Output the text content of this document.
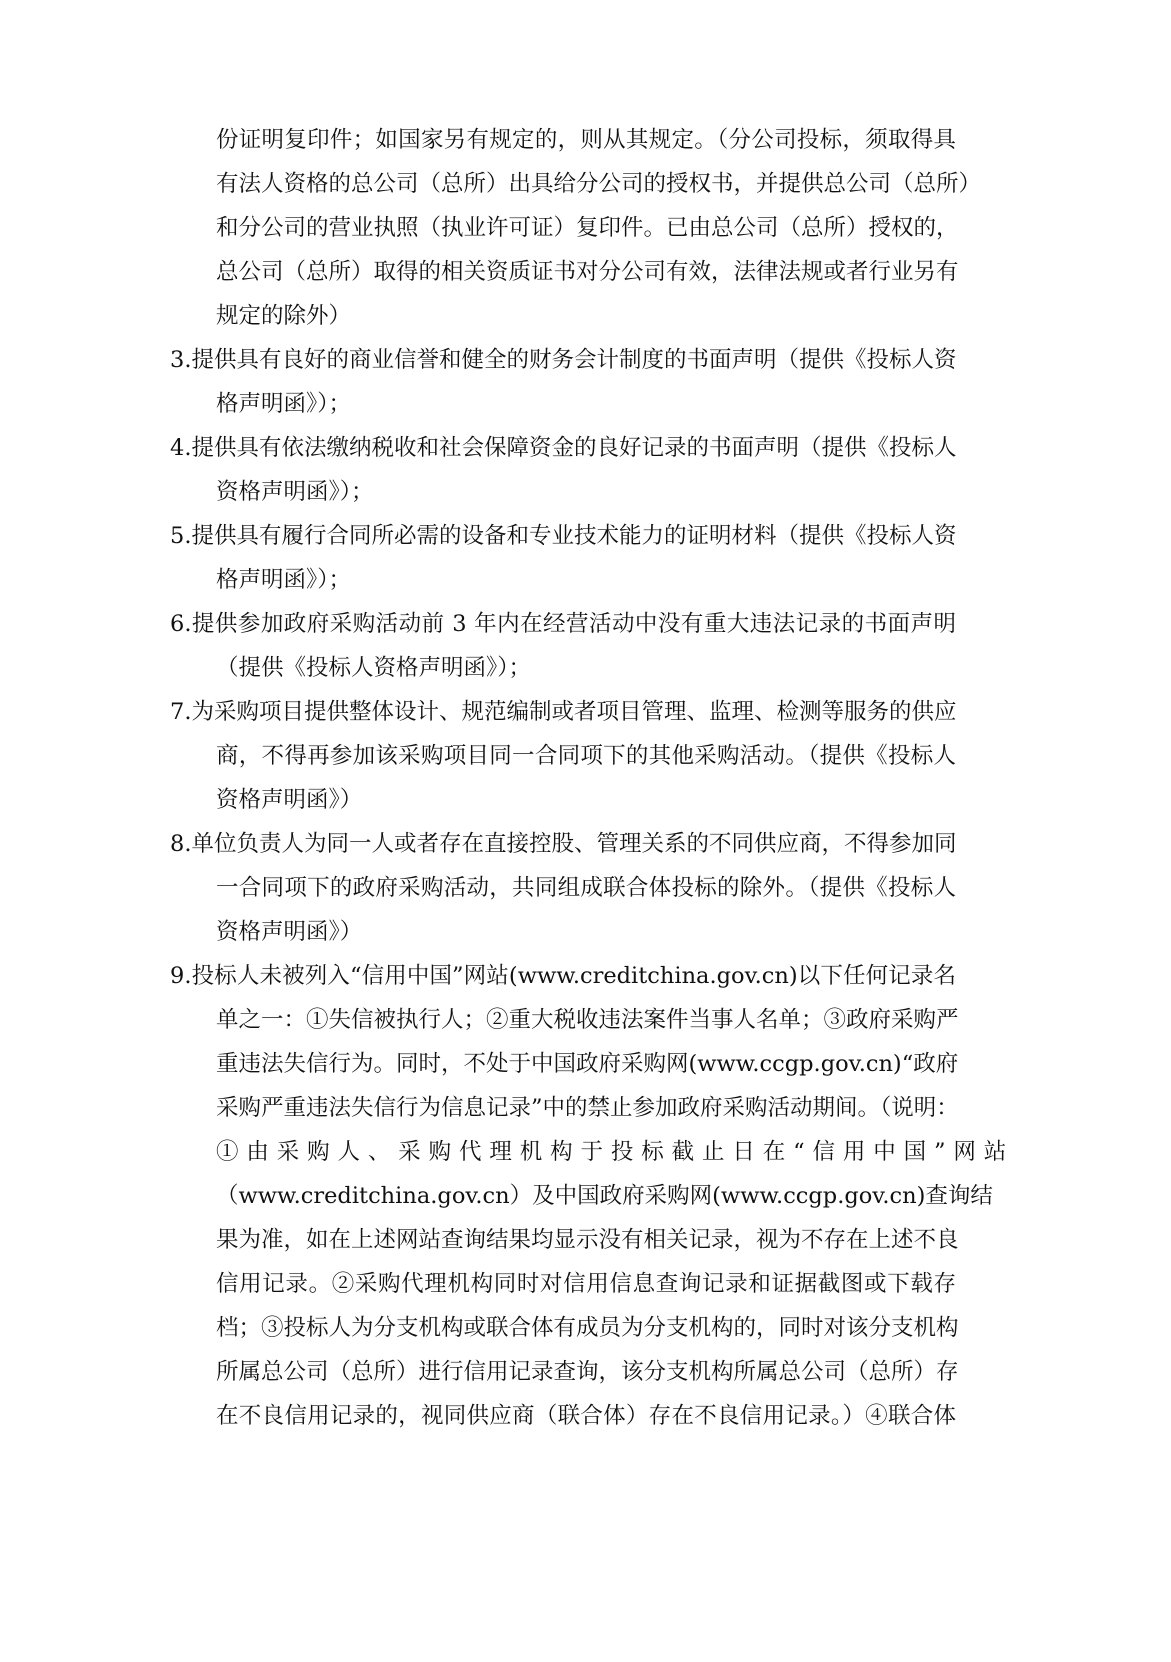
份证明复印件；如国家另有规定的，则从其规定。（分公司投标，须取得具
有法人资格的总公司（总所）出具给分公司的授权书，并提供总公司（总所）
和分公司的营业执照（执业许可证）复印件。已由总公司（总所）授权的，
总公司（总所）取得的相关资质证书对分公司有效，法律法规或者行业另有
规定的除外）
3.提供具有良好的商业信誉和健全的财务会计制度的书面声明（提供《投标人资
格声明函》）；
4.提供具有依法缴纳税收和社会保障资金的良好记录的书面声明（提供《投标人
资格声明函》）；
5.提供具有履行合同所必需的设备和专业技术能力的证明材料（提供《投标人资
格声明函》）；
6.提供参加政府采购活动前 3 年内在经营活动中没有重大违法记录的书面声明
（提供《投标人资格声明函》）；
7.为采购项目提供整体设计、规范编制或者项目管理、监理、检测等服务的供应
商，不得再参加该采购项目同一合同项下的其他采购活动。（提供《投标人
资格声明函》）
8.单位负责人为同一人或者存在直接控股、管理关系的不同供应商，不得参加同
一合同项下的政府采购活动，共同组成联合体投标的除外。（提供《投标人
资格声明函》）
9.投标人未被列入“信用中国”网站(www.creditchina.gov.cn)以下任何记录名
单之一：①失信被执行人；②重大税收违法案件当事人名单；③政府采购严
重违法失信行为。同时，不处于中国政府采购网(www.ccgp.gov.cn)“政府
采购严重违法失信行为信息记录”中的禁止参加政府采购活动期间。（说明：
①由采购人、采购代理机构于投标截止日在“信用中国”网站
（www.creditchina.gov.cn）及中国政府采购网(www.ccgp.gov.cn)查询结
果为准，如在上述网站查询结果均显示没有相关记录，视为不存在上述不良
信用记录。②采购代理机构同时对信用信息查询记录和证据截图或下载存
档；③投标人为分支机构或联合体有成员为分支机构的，同时对该分支机构
所属总公司（总所）进行信用记录查询，该分支机构所属总公司（总所）存
在不良信用记录的，视同供应商（联合体）存在不良信用记录。）④联合体
